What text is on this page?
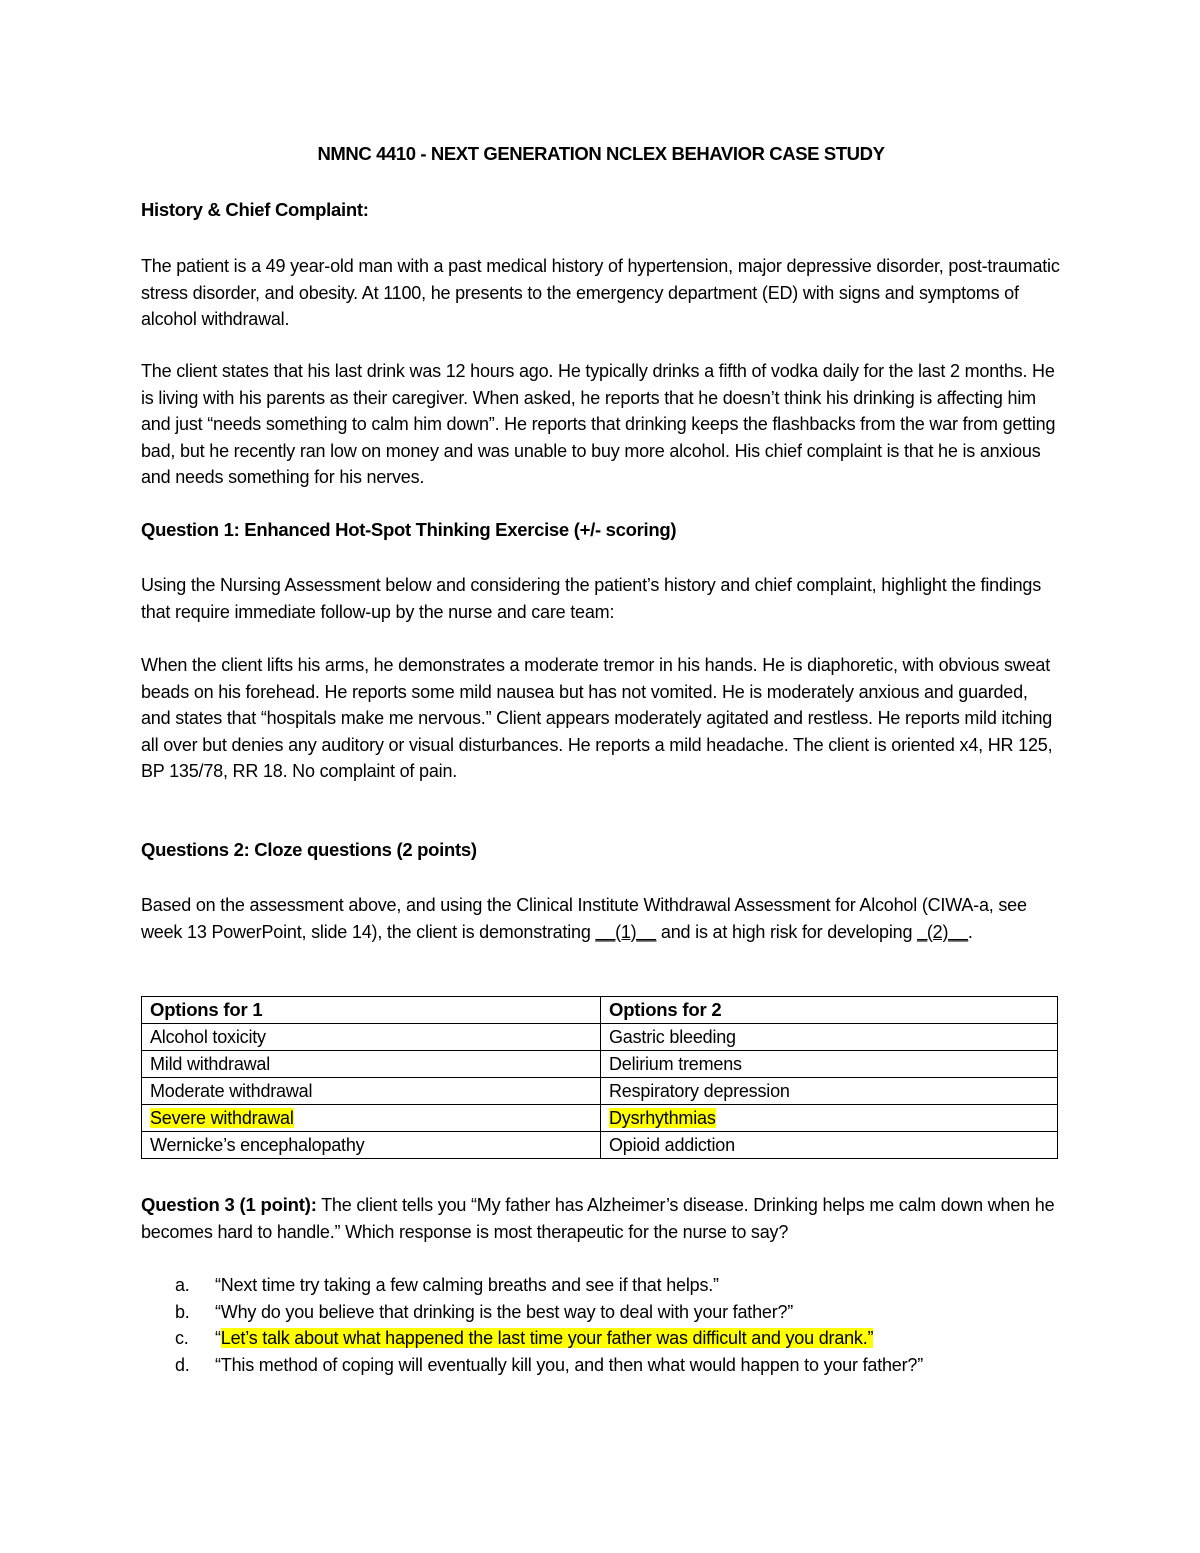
NMNC 4410 - NEXT GENERATION NCLEX BEHAVIOR CASE STUDY
History & Chief Complaint:

The patient is a 49 year-old man with a past medical history of hypertension, major depressive disorder, post-traumatic stress disorder, and obesity. At 1100, he presents to the emergency department (ED) with signs and symptoms of alcohol withdrawal.

The client states that his last drink was 12 hours ago. He typically drinks a fifth of vodka daily for the last 2 months. He is living with his parents as their caregiver. When asked, he reports that he doesn’t think his drinking is affecting him and just “needs something to calm him down”. He reports that drinking keeps the flashbacks from the war from getting bad, but he recently ran low on money and was unable to buy more alcohol. His chief complaint is that he is anxious and needs something for his nerves.

Question 1: Enhanced Hot-Spot Thinking Exercise (+/- scoring)

Using the Nursing Assessment below and considering the patient’s history and chief complaint, highlight the findings that require immediate follow-up by the nurse and care team:

When the client lifts his arms, he demonstrates a moderate tremor in his hands. He is diaphoretic, with obvious sweat beads on his forehead. He reports some mild nausea but has not vomited. He is moderately anxious and guarded, and states that “hospitals make me nervous.” Client appears moderately agitated and restless. He reports mild itching all over but denies any auditory or visual disturbances. He reports a mild headache. The client is oriented x4, HR 125, BP 135/78, RR 18. No complaint of pain.

Questions 2: Cloze questions (2 points)

Based on the assessment above, and using the Clinical Institute Withdrawal Assessment for Alcohol (CIWA-a, see week 13 PowerPoint, slide 14), the client is demonstrating __(1)__ and is at high risk for developing _(2)__.

Options for 1	Options for 2
Alcohol toxicity	Gastric bleeding
Mild withdrawal	Delirium tremens
Moderate withdrawal	Respiratory depression
Severe withdrawal	Dysrhythmias
Wernicke’s encephalopathy	Opioid addiction
Question 3 (1 point): The client tells you “My father has Alzheimer’s disease. Drinking helps me calm down when he becomes hard to handle.” Which response is most therapeutic for the nurse to say?
a. “Next time try taking a few calming breaths and see if that helps.”
b. “Why do you believe that drinking is the best way to deal with your father?”
c. “Let’s talk about what happened the last time your father was difficult and you drank.”
d. “This method of coping will eventually kill you, and then what would happen to your father?”
